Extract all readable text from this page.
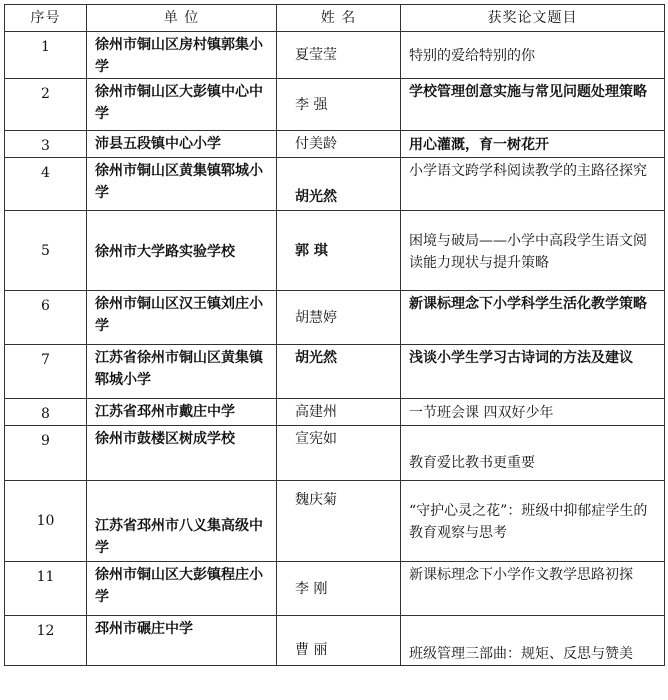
序号	单 位	姓 名	获奖论文题目
1	徐州市铜山区房村镇郭集小学	夏莹莹	特别的爱给特别的你
2	徐州市铜山区大彭镇中心中学	李 强	学校管理创意实施与常见问题处理策略
3	沛县五段镇中心小学	付美龄	用心灌溉，育一树花开
4	徐州市铜山区黄集镇郓城小学	胡光然	小学语文跨学科阅读教学的主路径探究
5	徐州市大学路实验学校	郭 琪	困境与破局——小学中高段学生语文阅读能力现状与提升策略
6	徐州市铜山区汉王镇刘庄小学	胡慧婷	新课标理念下小学科学生活化教学策略
7	江苏省徐州市铜山区黄集镇郓城小学	胡光然	浅谈小学生学习古诗词的方法及建议
8	江苏省邳州市戴庄中学	高建州	一节班会课 四双好少年
9	徐州市鼓楼区树成学校	宣宪如	教育爱比教书更重要
10	江苏省邳州市八义集高级中学	魏庆菊	“守护心灵之花”：班级中抑郁症学生的教育观察与思考
11	徐州市铜山区大彭镇程庄小学	李 刚	新课标理念下小学作文教学思路初探
12	邳州市碾庄中学	曹 丽	班级管理三部曲：规矩、反思与赞美
